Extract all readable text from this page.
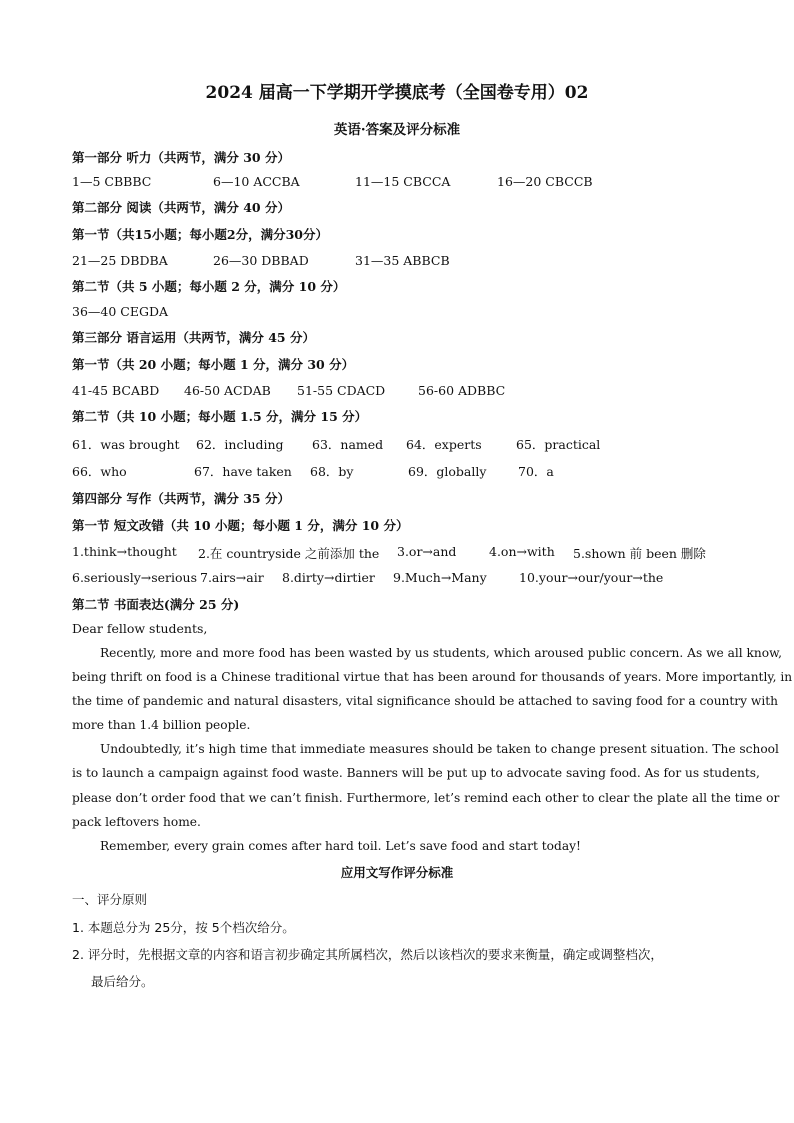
2024 届高一下学期开学摸底考（全国卷专用）02
英语·答案及评分标准
第一部分 听力（共两节，满分 30 分）
1—5 CBBBC	6—10 ACCBA	11—15 CBCCA	16—20 CBCCB
第二部分 阅读（共两节，满分 40 分）
第一节（共15小题；每小题2分，满分30分）
21—25 DBDBA	26—30 DBBAD	31—35 ABBCB
第二节（共 5 小题；每小题 2 分，满分 10 分）
36—40 CEGDA
第三部分 语言运用（共两节，满分 45 分）
第一节（共 20 小题；每小题 1 分，满分 30 分）
41-45 BCABD 46-50 ACDAB 51-55 CDACD	56-60 ADBBC
第二节（共 10 小题；每小题 1.5 分，满分 15 分）
61．was brought 62．including 63．named 64．experts	65．practical
66．who	67．have taken 68．by	69．globally	70．a
第四部分 写作（共两节，满分 35 分）
第一节 短文改错（共 10 小题；每小题 1 分，满分 10 分）
1.think→thought 2.在 countryside 之前添加 the 3.or→and	4.on→with 5.shown 前 been 删除
6.seriously→serious 7.airs→air 8.dirty→dirtier 9.Much→Many	10.your→our/your→the
第二节 书面表达(满分 25 分)
Dear fellow students,
Recently, more and more food has been wasted by us students, which aroused public concern. As we all know,
being thrift on food is a Chinese traditional virtue that has been around for thousands of years. More importantly, in
the time of pandemic and natural disasters, vital significance should be attached to saving food for a country with
more than 1.4 billion people.
Undoubtedly, it’s high time that immediate measures should be taken to change present situation. The school
is to launch a campaign against food waste. Banners will be put up to advocate saving food. As for us students,
please don’t order food that we can’t finish. Furthermore, let’s remind each other to clear the plate all the time or
pack leftovers home.
Remember, every grain comes after hard toil. Let’s save food and start today!
应用文写作评分标准
一、评分原则
1. 本题总分为 25分，按 5个档次给分。
2. 评分时，先根据文章的内容和语言初步确定其所属档次，然后以该档次的要求来衡量，确定或调整档次，
最后给分。
